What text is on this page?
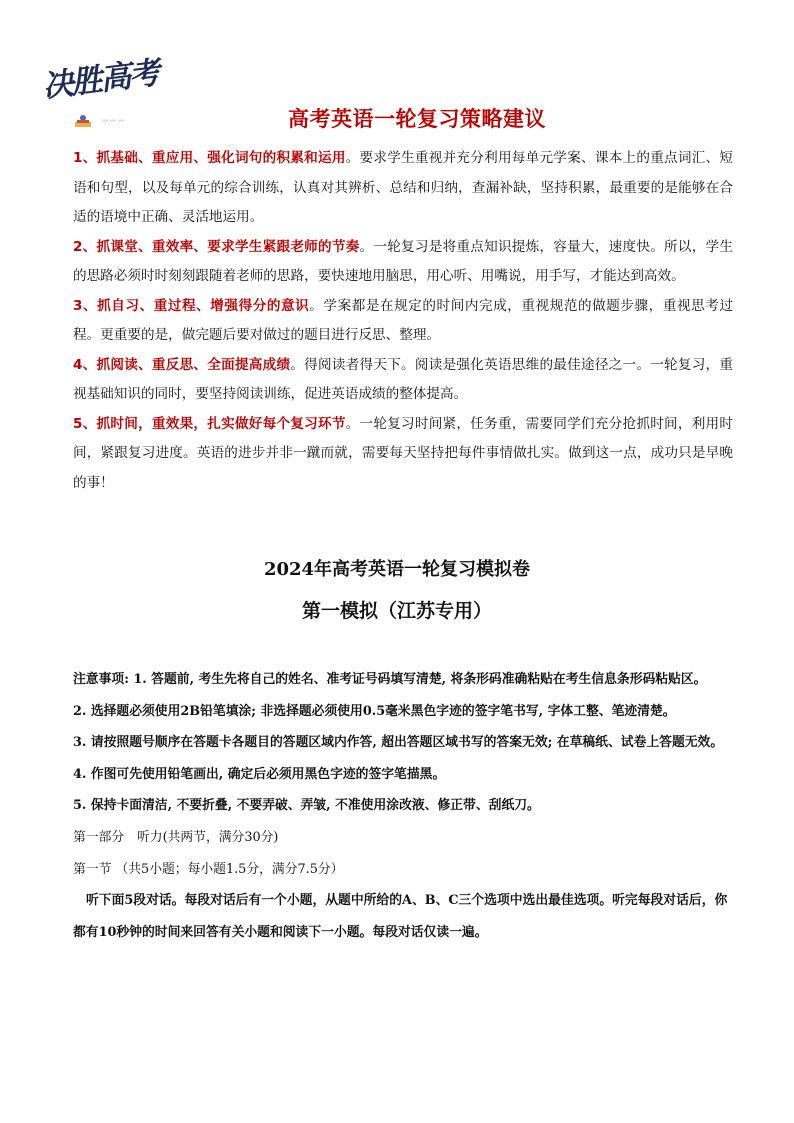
决胜高考
〰 〰 〰	高考英语一轮复习策略建议

1、抓基础、重应用、强化词句的积累和运用。要求学生重视并充分利用每单元学案、课本上的重点词汇、短语和句型，以及每单元的综合训练，认真对其辨析、总结和归纳，查漏补缺，坚持积累，最重要的是能够在合适的语境中正确、灵活地运用。

2、抓课堂、重效率、要求学生紧跟老师的节奏。一轮复习是将重点知识提炼，容量大，速度快。所以，学生的思路必须时时刻刻跟随着老师的思路，要快速地用脑思，用心听、用嘴说，用手写，才能达到高效。

3、抓自习、重过程、增强得分的意识。学案都是在规定的时间内完成，重视规范的做题步骤，重视思考过程。更重要的是，做完题后要对做过的题目进行反思、整理。

4、抓阅读、重反思、全面提高成绩。得阅读者得天下。阅读是强化英语思维的最佳途径之一。一轮复习，重视基础知识的同时，要坚持阅读训练，促进英语成绩的整体提高。

5、抓时间，重效果，扎实做好每个复习环节。一轮复习时间紧，任务重，需要同学们充分抢抓时间，利用时间，紧跟复习进度。英语的进步并非一蹴而就，需要每天坚持把每件事情做扎实。做到这一点，成功只是早晚的事！

2024年高考英语一轮复习模拟卷
第一模拟（江苏专用）

注意事项: 1. 答题前, 考生先将自己的姓名、准考证号码填写清楚, 将条形码准确粘贴在考生信息条形码粘贴区。

2. 选择题必须使用2B铅笔填涂; 非选择题必须使用0.5毫米黑色字迹的签字笔书写, 字体工整、笔迹清楚。

3. 请按照题号顺序在答题卡各题目的答题区域内作答, 超出答题区域书写的答案无效; 在草稿纸、试卷上答题无效。

4. 作图可先使用铅笔画出, 确定后必须用黑色字迹的签字笔描黑。

5. 保持卡面清洁, 不要折叠, 不要弄破、弄皱, 不准使用涂改液、修正带、刮纸刀。

第一部分　听力(共两节，满分30分)

第一节 （共5小题；每小题1.5分，满分7.5分）

听下面5段对话。每段对话后有一个小题，从题中所给的A、B、C三个选项中选出最佳选项。听完每段对话后，你都有10秒钟的时间来回答有关小题和阅读下一小题。每段对话仅读一遍。
